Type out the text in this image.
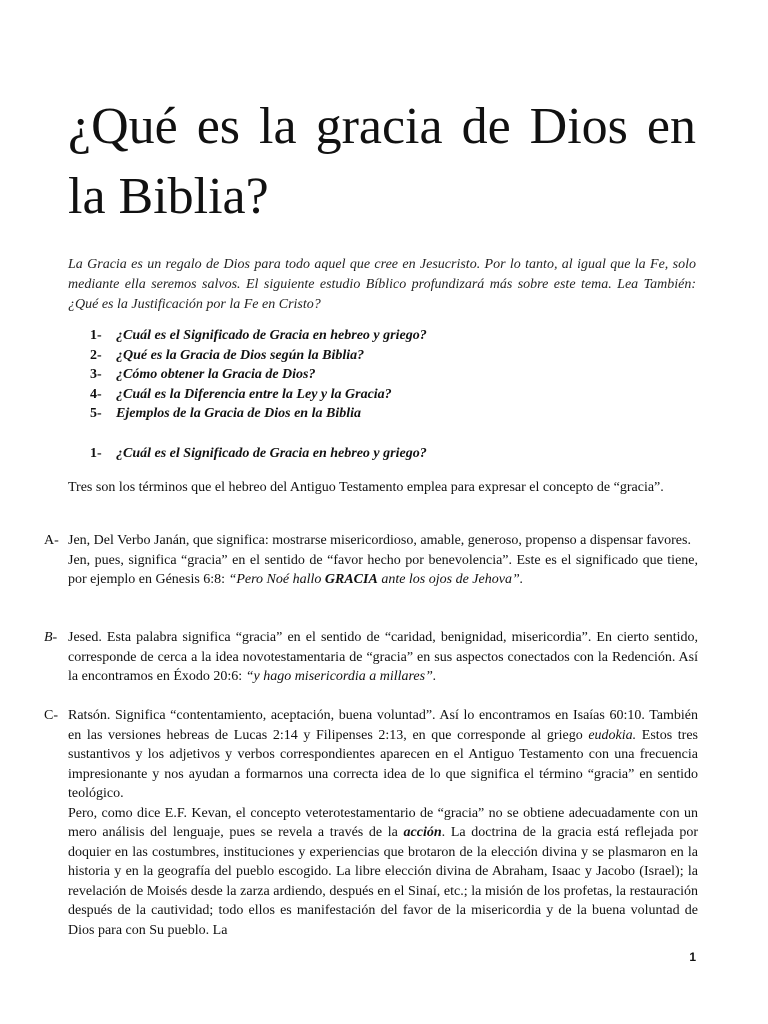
¿Qué es la gracia de Dios en la Biblia?

La Gracia es un regalo de Dios para todo aquel que cree en Jesucristo. Por lo tanto, al igual que la Fe, solo mediante ella seremos salvos. El siguiente estudio Bíblico profundizará más sobre este tema. Lea También: ¿Qué es la Justificación por la Fe en Cristo?

1- ¿Cuál es el Significado de Gracia en hebreo y griego?
2- ¿Qué es la Gracia de Dios según la Biblia?
3- ¿Cómo obtener la Gracia de Dios?
4- ¿Cuál es la Diferencia entre la Ley y la Gracia?
5- Ejemplos de la Gracia de Dios en la Biblia

1- ¿Cuál es el Significado de Gracia en hebreo y griego?

Tres son los términos que el hebreo del Antiguo Testamento emplea para expresar el concepto de “gracia”.

A- Jen, Del Verbo Janán, que significa: mostrarse misericordioso, amable, generoso, propenso a dispensar favores.

Jen, pues, significa “gracia” en el sentido de “favor hecho por benevolencia”. Este es el significado que tiene, por ejemplo en Génesis 6:8: “Pero Noé hallo GRACIA ante los ojos de Jehova”.

B- Jesed. Esta palabra significa “gracia” en el sentido de “caridad, benignidad, misericordia”. En cierto sentido, corresponde de cerca a la idea novotestamentaria de “gracia” en sus aspectos conectados con la Redención. Así la encontramos en Éxodo 20:6: “y hago misericordia a millares”.

C- Ratsón. Significa “contentamiento, aceptación, buena voluntad”. Así lo encontramos en Isaías 60:10. También en las versiones hebreas de Lucas 2:14 y Filipenses 2:13, en que corresponde al griego eudokia. Estos tres sustantivos y los adjetivos y verbos correspondientes aparecen en el Antiguo Testamento con una frecuencia impresionante y nos ayudan a formarnos una correcta idea de lo que significa el término “gracia” en sentido teológico.

Pero, como dice E.F. Kevan, el concepto veterotestamentario de “gracia” no se obtiene adecuadamente con un mero análisis del lenguaje, pues se revela a través de la acción. La doctrina de la gracia está reflejada por doquier en las costumbres, instituciones y experiencias que brotaron de la elección divina y se plasmaron en la historia y en la geografía del pueblo escogido. La libre elección divina de Abraham, Isaac y Jacobo (Israel); la revelación de Moisés desde la zarza ardiendo, después en el Sinaí, etc.; la misión de los profetas, la restauración después de la cautividad; todo ellos es manifestación del favor de la misericordia y de la buena voluntad de Dios para con Su pueblo. La

1
